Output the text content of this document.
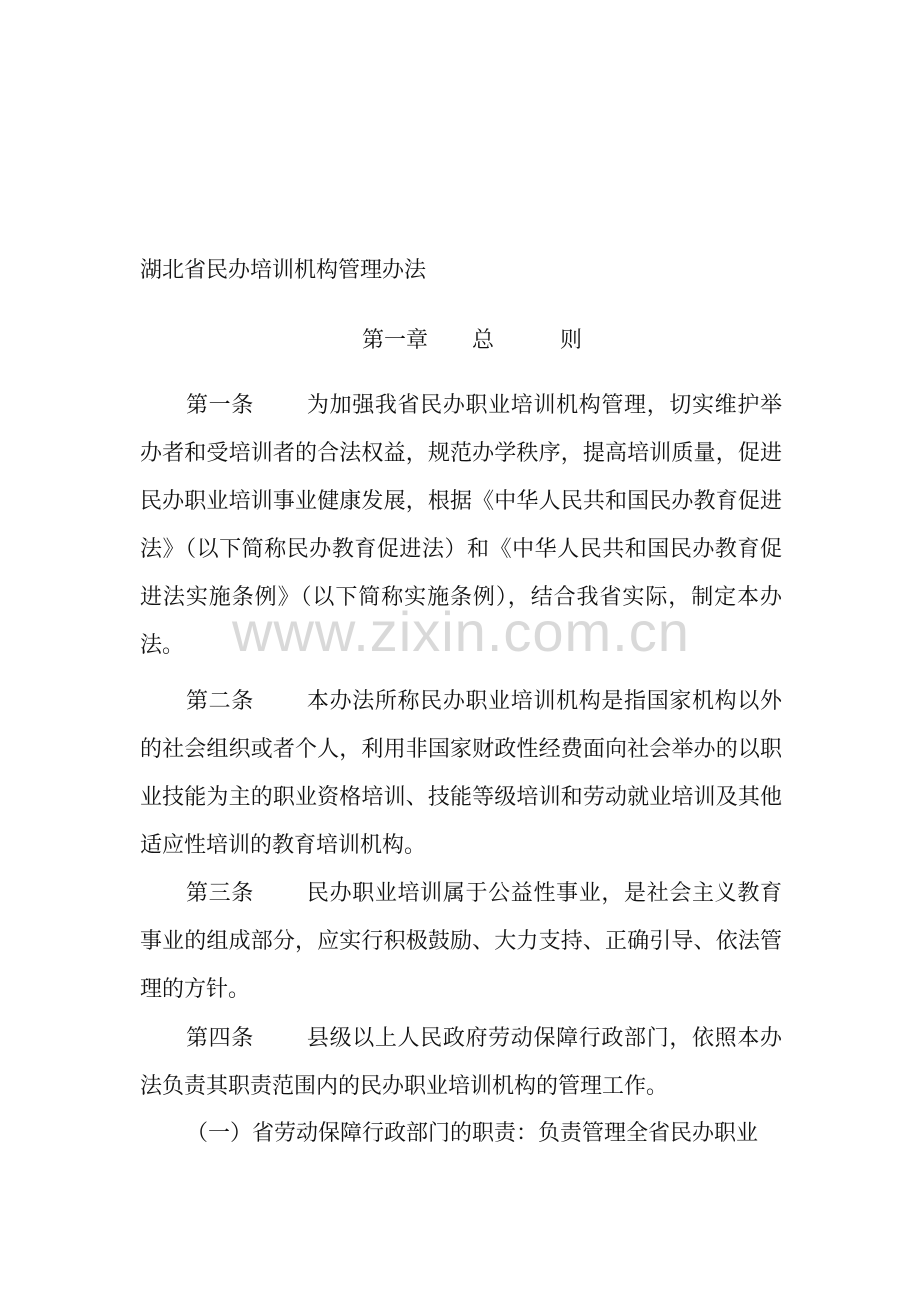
湖北省民办培训机构管理办法
第一章　　总　　　则

第一条　　 为加强我省民办职业培训机构管理，切实维护举办者和受培训者的合法权益，规范办学秩序，提高培训质量，促进民办职业培训事业健康发展，根据《中华人民共和国民办教育促进法》（以下简称民办教育促进法）和《中华人民共和国民办教育促进法实施条例》（以下简称实施条例），结合我省实际，制定本办法。

第二条　　 本办法所称民办职业培训机构是指国家机构以外的社会组织或者个人，利用非国家财政性经费面向社会举办的以职业技能为主的职业资格培训、技能等级培训和劳动就业培训及其他适应性培训的教育培训机构。

第三条　　 民办职业培训属于公益性事业，是社会主义教育事业的组成部分，应实行积极鼓励、大力支持、正确引导、依法管理的方针。

第四条　　 县级以上人民政府劳动保障行政部门，依照本办法负责其职责范围内的民办职业培训机构的管理工作。

（一）省劳动保障行政部门的职责：负责管理全省民办职业

www.zixin.com.cn
